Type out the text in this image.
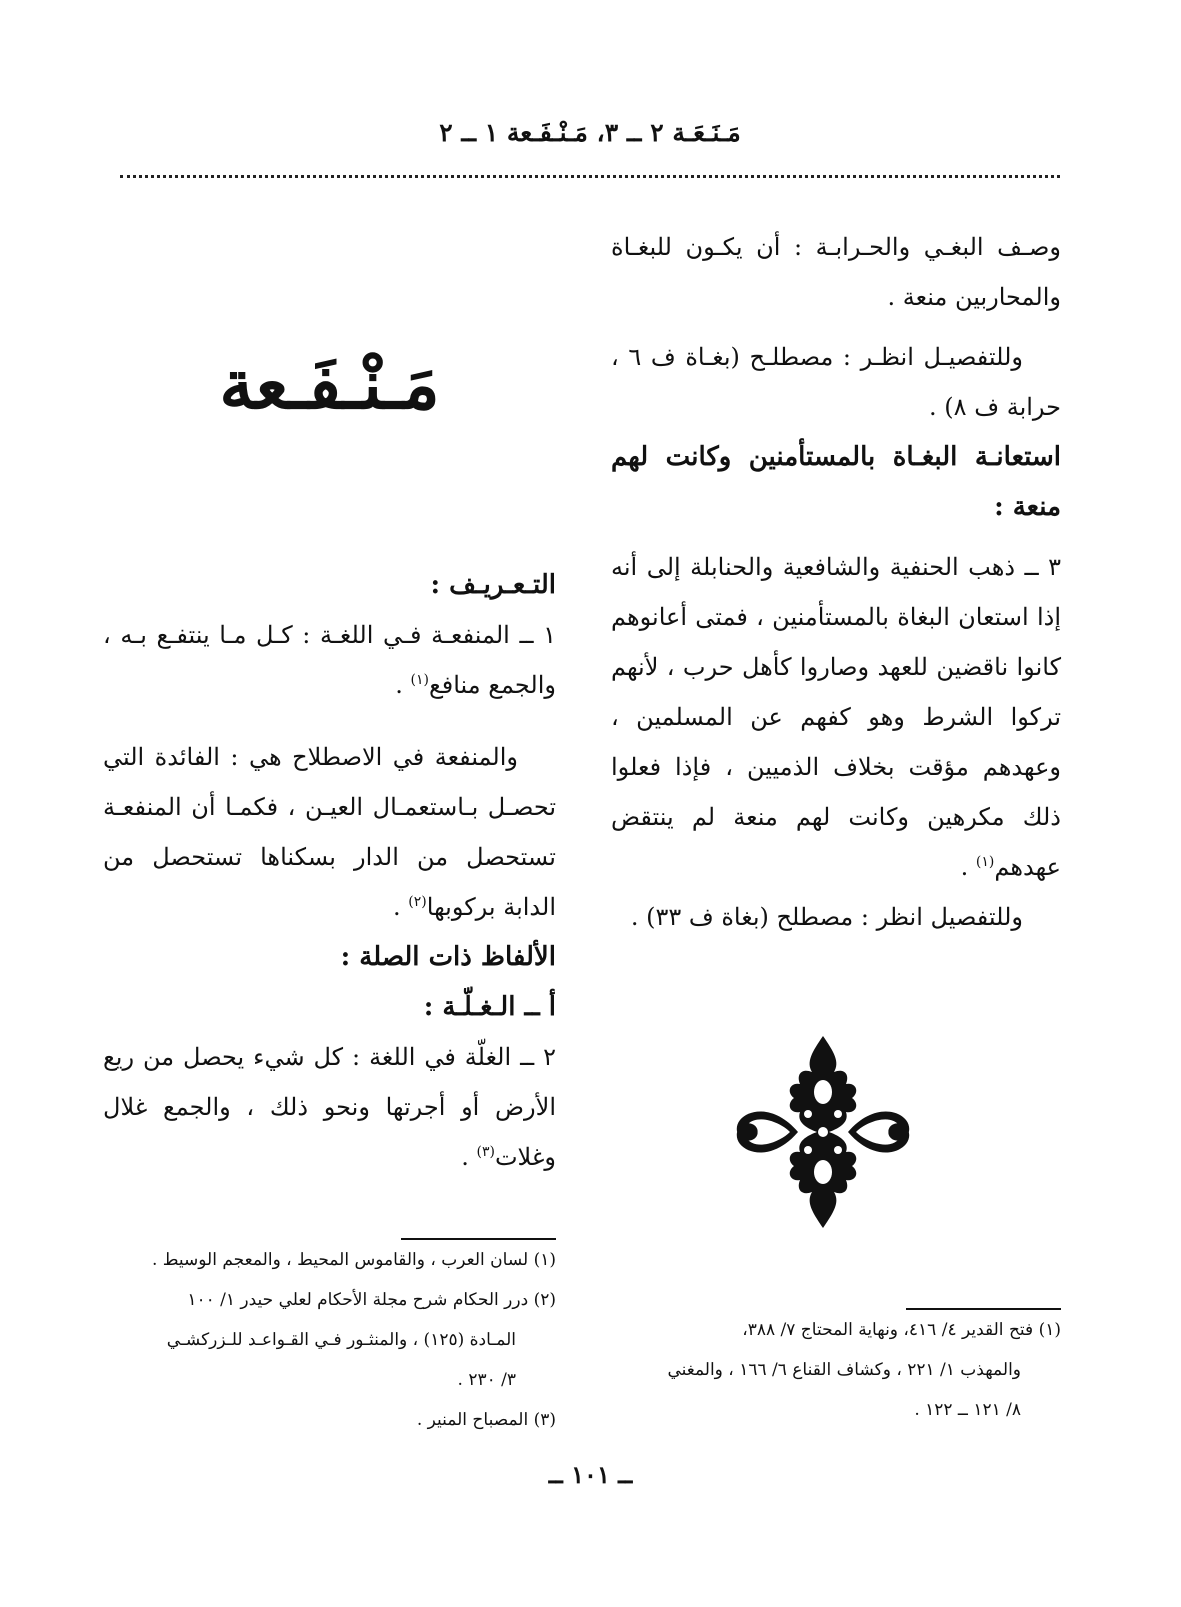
مَـنَـعَـة ٢ ــ ٣، مَـنْـفَـعة ١ ــ ٢

وصـف البغـي والحـرابـة : أن يكـون للبغـاة والمحاربين منعة .

وللتفصيـل انظـر : مصطلـح (بغـاة ف ٦ ، حرابة ف ٨) .

استعانـة البغـاة بالمستأمنين وكانت لهم منعة :

٣ ــ ذهب الحنفية والشافعية والحنابلة إلى أنه إذا استعان البغاة بالمستأمنين ، فمتى أعانوهم كانوا ناقضين للعهد وصاروا كأهل حرب ، لأنهم تركوا الشرط وهو كفهم عن المسلمين ، وعهدهم مؤقت بخلاف الذميين ، فإذا فعلوا ذلك مكرهين وكانت لهم منعة لم ينتقض عهدهم$^{(١)}$ .

وللتفصيل انظر : مصطلح (بغاة ف ٣٣) .

مَـنْـفَـعة

التـعـريـف :

١ ــ المنفعـة فـي اللغـة : كـل مـا ينتفـع بـه ، والجمع منافع$^{(١)}$ .

والمنفعة في الاصطلاح هي : الفائدة التي تحصـل بـاستعمـال العيـن ، فكمـا أن المنفعـة تستحصل من الدار بسكناها تستحصل من الدابة بركوبها$^{(٢)}$ .

الألفاظ ذات الصلة :

أ ــ الـغـلّـة :

٢ ــ الغلّة في اللغة : كل شيء يحصل من ريع الأرض أو أجرتها ونحو ذلك ، والجمع غلال وغلات$^{(٣)}$ .

(١) لسان العرب ، والقاموس المحيط ، والمعجم الوسيط .

(٢) درر الحكام شرح مجلة الأحكام لعلي حيدر ١/ ١٠٠

المـادة (١٢٥) ، والمنثـور فـي القـواعـد للـزركشـي

٣/ ٢٣٠ .

(٣) المصباح المنير .

(١) فتح القدير ٤/ ٤١٦، ونهاية المحتاج ٧/ ٣٨٨،

والمهذب ١/ ٢٢١ ، وكشاف القناع ٦/ ١٦٦ ، والمغني

٨/ ١٢١ ــ ١٢٢ .

ــ ١٠١ ــ
